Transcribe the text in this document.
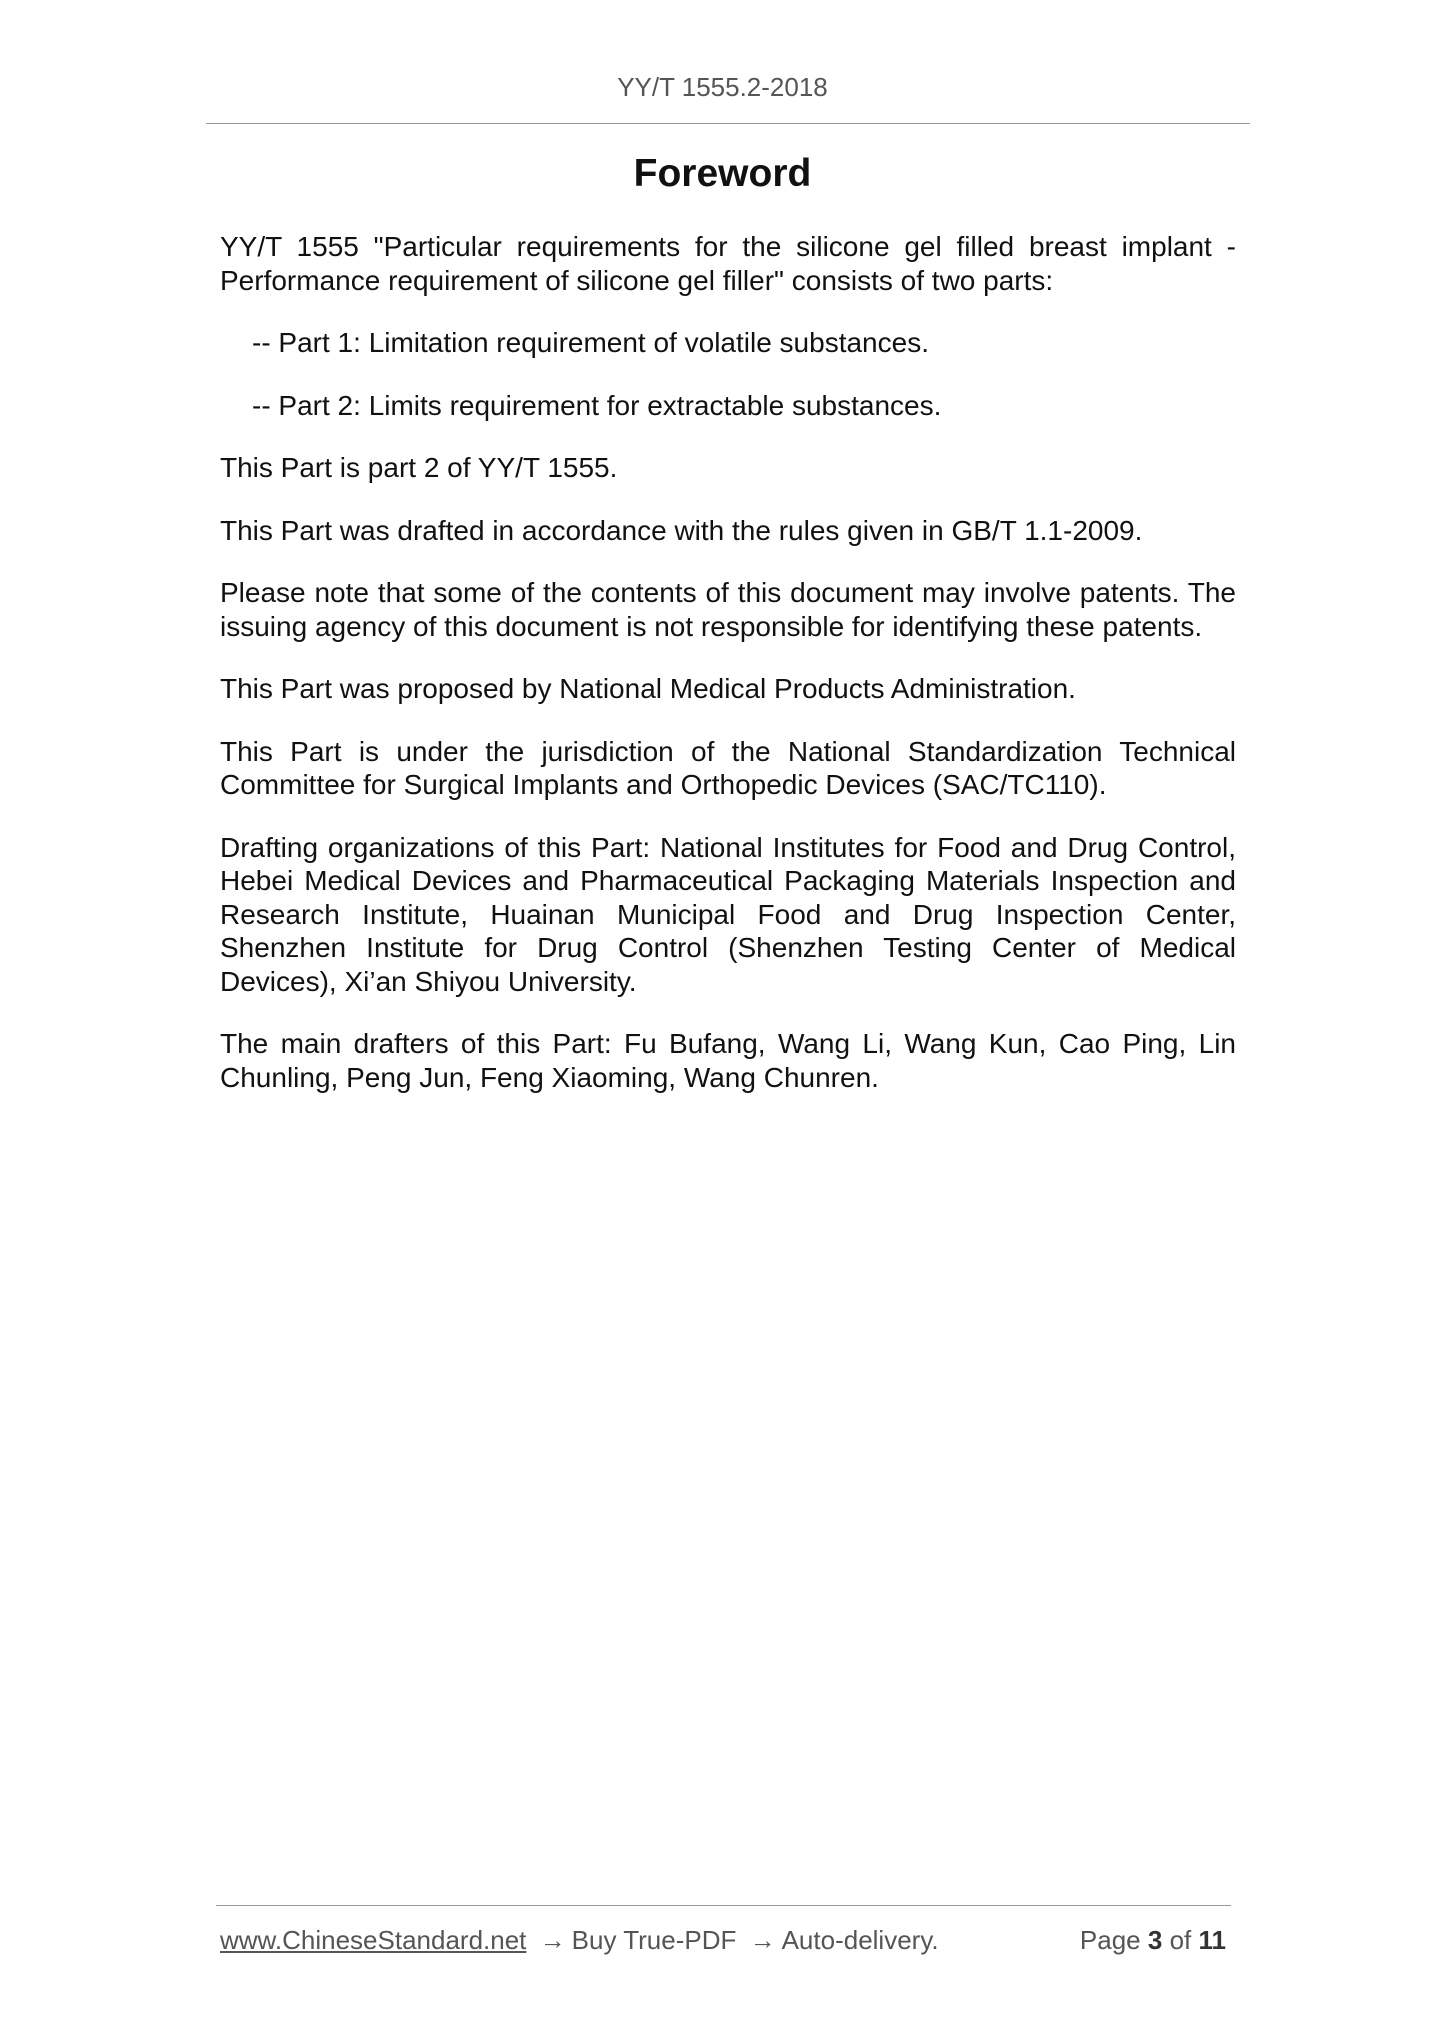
YY/T 1555.2-2018
Foreword

YY/T 1555 "Particular requirements for the silicone gel filled breast implant - Performance requirement of silicone gel filler" consists of two parts:

-- Part 1: Limitation requirement of volatile substances.

-- Part 2: Limits requirement for extractable substances.

This Part is part 2 of YY/T 1555.

This Part was drafted in accordance with the rules given in GB/T 1.1-2009.

Please note that some of the contents of this document may involve patents. The issuing agency of this document is not responsible for identifying these patents.

This Part was proposed by National Medical Products Administration.

This Part is under the jurisdiction of the National Standardization Technical Committee for Surgical Implants and Orthopedic Devices (SAC/TC110).

Drafting organizations of this Part: National Institutes for Food and Drug Control, Hebei Medical Devices and Pharmaceutical Packaging Materials Inspection and Research Institute, Huainan Municipal Food and Drug Inspection Center, Shenzhen Institute for Drug Control (Shenzhen Testing Center of Medical Devices), Xi’an Shiyou University.

The main drafters of this Part: Fu Bufang, Wang Li, Wang Kun, Cao Ping, Lin Chunling, Peng Jun, Feng Xiaoming, Wang Chunren.

www.ChineseStandard.net → Buy True-PDF → Auto-delivery.	Page 3 of 11
